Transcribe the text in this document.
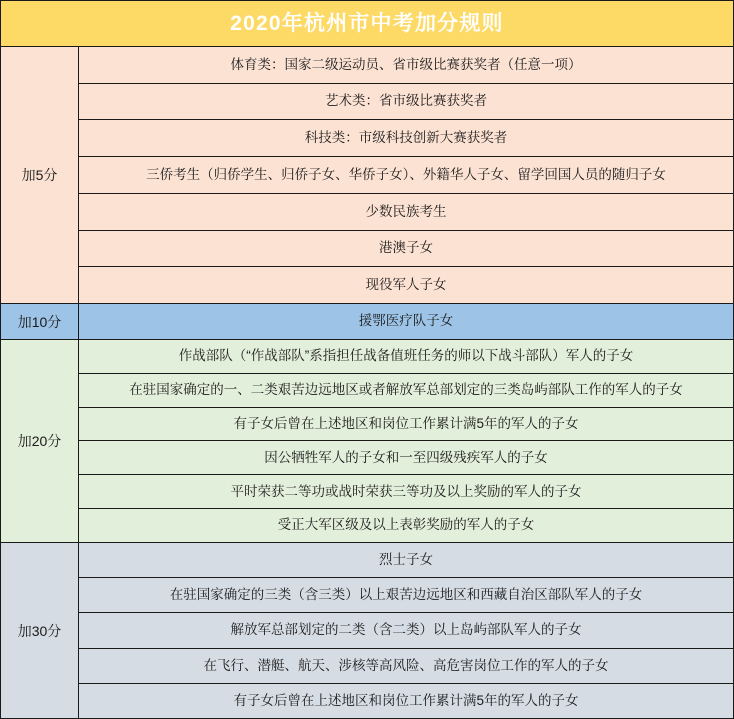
2020年杭州市中考加分规则
加5分
体育类：国家二级运动员、省市级比赛获奖者（任意一项）
艺术类：省市级比赛获奖者
科技类：市级科技创新大赛获奖者
三侨考生（归侨学生、归侨子女、华侨子女）、外籍华人子女、留学回国人员的随归子女
少数民族考生
港澳子女
现役军人子女
加10分	援鄂医疗队子女
加20分
作战部队（“作战部队”系指担任战备值班任务的师以下战斗部队）军人的子女
在驻国家确定的一、二类艰苦边远地区或者解放军总部划定的三类岛屿部队工作的军人的子女
有子女后曾在上述地区和岗位工作累计满5年的军人的子女
因公牺牲军人的子女和一至四级残疾军人的子女
平时荣获二等功或战时荣获三等功及以上奖励的军人的子女
受正大军区级及以上表彰奖励的军人的子女
加30分
烈士子女
在驻国家确定的三类（含三类）以上艰苦边远地区和西藏自治区部队军人的子女
解放军总部划定的二类（含二类）以上岛屿部队军人的子女
在飞行、潜艇、航天、涉核等高风险、高危害岗位工作的军人的子女
有子女后曾在上述地区和岗位工作累计满5年的军人的子女
